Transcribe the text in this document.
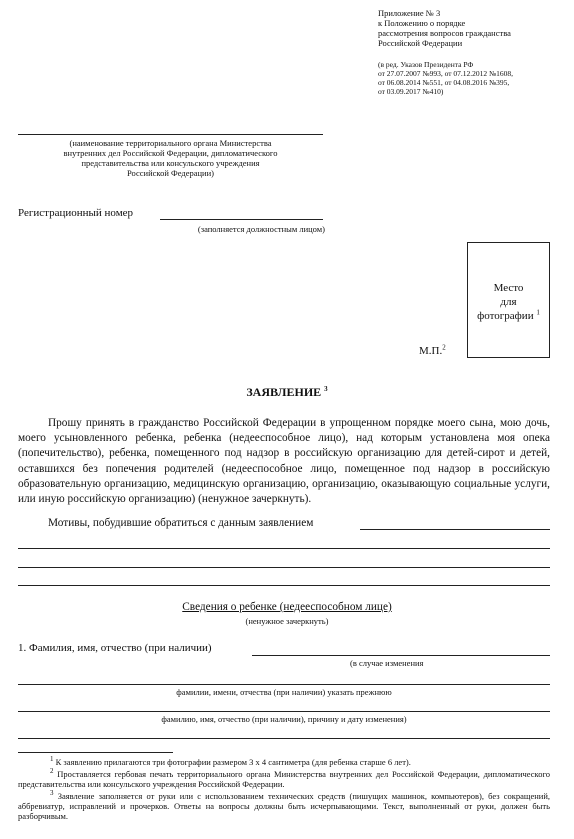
Приложение № 3
к Положению о порядке
рассмотрения вопросов гражданства
Российской Федерации
(в ред. Указов Президента РФ
от 27.07.2007 №993, от 07.12.2012 №1608,
от 06.08.2014 №551, от 04.08.2016 №395,
от 03.09.2017 №410)
(наименование территориального органа Министерства
внутренних дел Российской Федерации, дипломатического
представительства или консульского учреждения
Российской Федерации)
Регистрационный номер
(заполняется должностным лицом)
Место
для
фотографии $^1$
М.П.$^2$
ЗАЯВЛЕНИЕ $^3$
Прошу принять в гражданство Российской Федерации в упрощенном порядке моего сына, мою дочь, моего усыновленного ребенка, ребенка (недееспособное лицо), над которым установлена моя опека (попечительство), ребенка, помещенного под надзор в российскую организацию для детей-сирот и детей, оставшихся без попечения родителей (недееспособное лицо, помещенное под надзор в российскую образовательную организацию, медицинскую организацию, организацию, оказывающую социальные услуги, или иную российскую организацию) (ненужное зачеркнуть).
Мотивы, побудившие обратиться с данным заявлением
Сведения о ребенке (недееспособном лице)
(ненужное зачеркнуть)
1. Фамилия, имя, отчество (при наличии)
(в случае изменения
фамилии, имени, отчества (при наличии) указать прежнюю
фамилию, имя, отчество (при наличии), причину и дату изменения)
$^1$ К заявлению прилагаются три фотографии размером 3 x 4 сантиметра (для ребенка старше 6 лет).
$^2$ Проставляется гербовая печать территориального органа Министерства внутренних дел Российской Федерации, дипломатического представительства или консульского учреждения Российской Федерации.
$^3$ Заявление заполняется от руки или с использованием технических средств (пишущих машинок, компьютеров), без сокращений, аббревиатур, исправлений и прочерков. Ответы на вопросы должны быть исчерпывающими. Текст, выполненный от руки, должен быть разборчивым.
